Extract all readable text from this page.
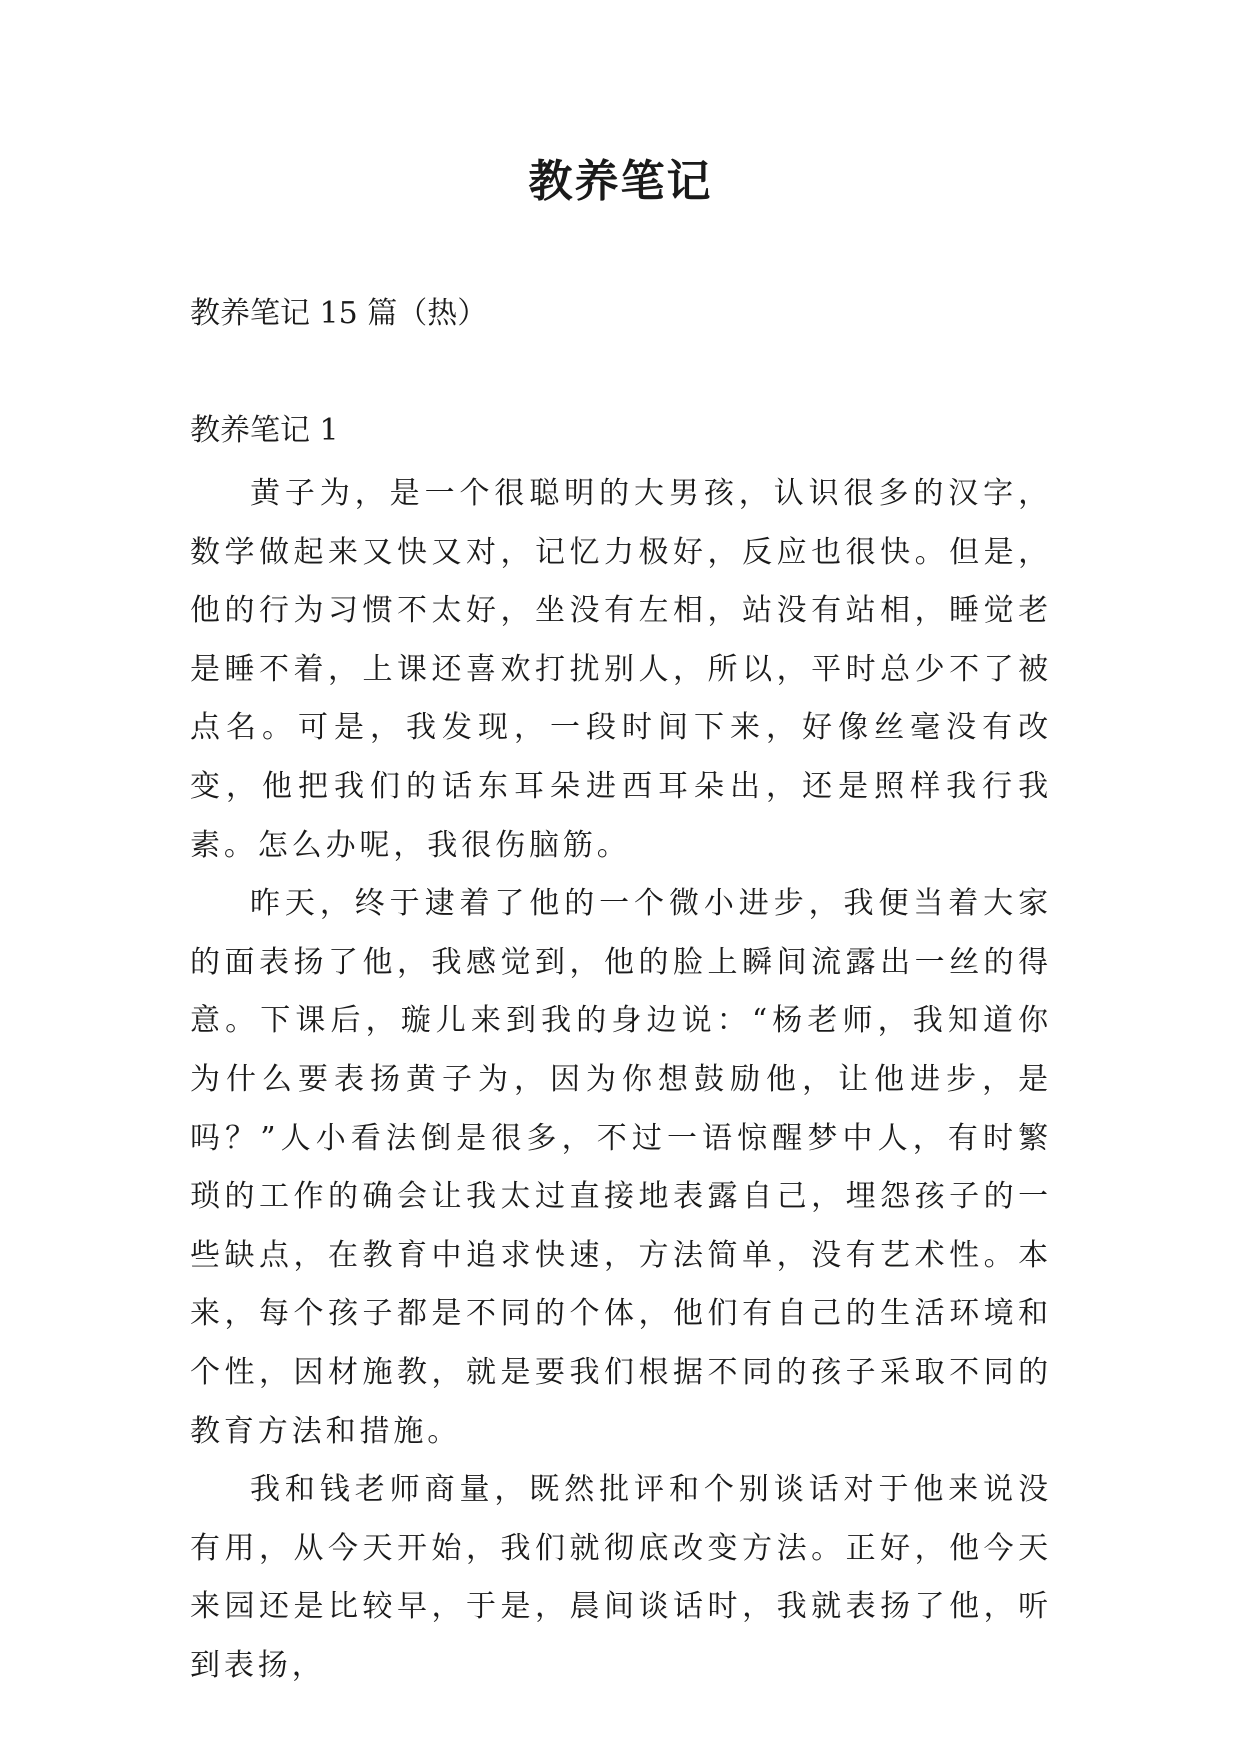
教养笔记

教养笔记 15 篇（热）

教养笔记 1

黄子为，是一个很聪明的大男孩，认识很多的汉字，数学做起来又快又对，记忆力极好，反应也很快。但是，他的行为习惯不太好，坐没有左相，站没有站相，睡觉老是睡不着，上课还喜欢打扰别人，所以，平时总少不了被点名。可是，我发现，一段时间下来，好像丝毫没有改变，他把我们的话东耳朵进西耳朵出，还是照样我行我素。怎么办呢，我很伤脑筋。

昨天，终于逮着了他的一个微小进步，我便当着大家的面表扬了他，我感觉到，他的脸上瞬间流露出一丝的得意。下课后，璇儿来到我的身边说：“杨老师，我知道你为什么要表扬黄子为，因为你想鼓励他，让他进步，是吗？”人小看法倒是很多，不过一语惊醒梦中人，有时繁琐的工作的确会让我太过直接地表露自己，埋怨孩子的一些缺点，在教育中追求快速，方法简单，没有艺术性。本来，每个孩子都是不同的个体，他们有自己的生活环境和个性，因材施教，就是要我们根据不同的孩子采取不同的教育方法和措施。

我和钱老师商量，既然批评和个别谈话对于他来说没有用，从今天开始，我们就彻底改变方法。正好，他今天来园还是比较早，于是，晨间谈话时，我就表扬了他，听到表扬，
